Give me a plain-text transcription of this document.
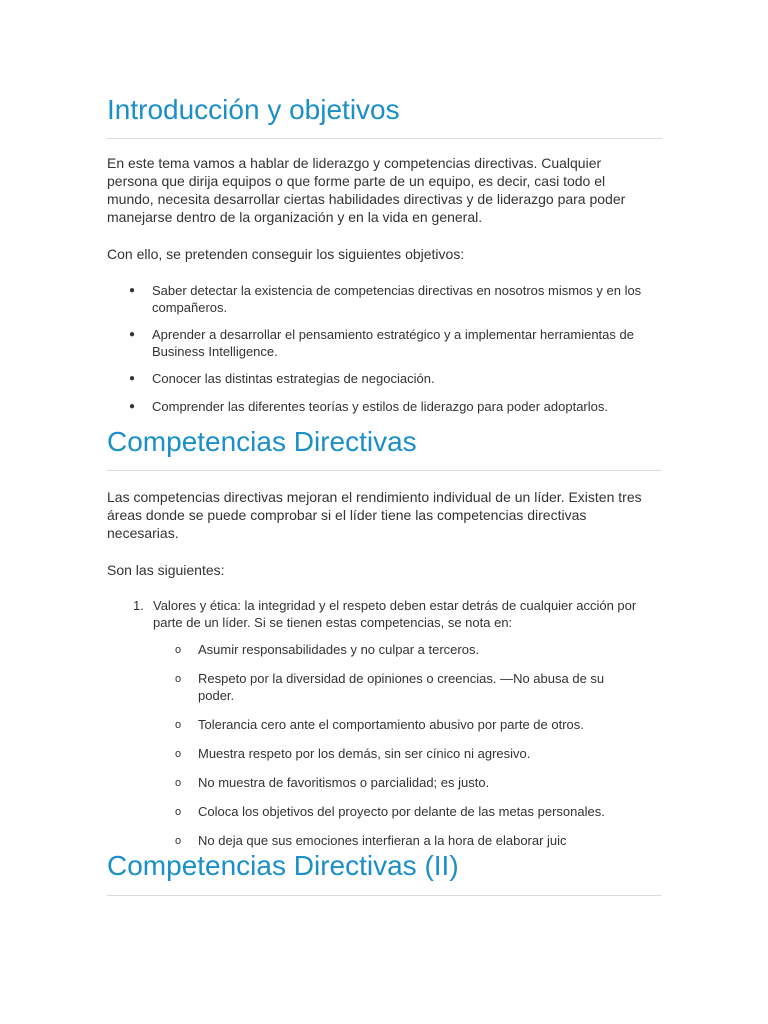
Introducción y objetivos

En este tema vamos a hablar de liderazgo y competencias directivas. Cualquier persona que dirija equipos o que forme parte de un equipo, es decir, casi todo el mundo, necesita desarrollar ciertas habilidades directivas y de liderazgo para poder manejarse dentro de la organización y en la vida en general.

Con ello, se pretenden conseguir los siguientes objetivos:

● Saber detectar la existencia de competencias directivas en nosotros mismos y en los compañeros.
● Aprender a desarrollar el pensamiento estratégico y a implementar herramientas de Business Intelligence.
● Conocer las distintas estrategias de negociación.
● Comprender las diferentes teorías y estilos de liderazgo para poder adoptarlos.
Competencias Directivas

Las competencias directivas mejoran el rendimiento individual de un líder. Existen tres áreas donde se puede comprobar si el líder tiene las competencias directivas necesarias.

Son las siguientes:

1. Valores y ética: la integridad y el respeto deben estar detrás de cualquier acción por parte de un líder. Si se tienen estas competencias, se nota en:
o Asumir responsabilidades y no culpar a terceros.
o Respeto por la diversidad de opiniones o creencias. —No abusa de su poder.
o Tolerancia cero ante el comportamiento abusivo por parte de otros.
o Muestra respeto por los demás, sin ser cínico ni agresivo.
o No muestra de favoritismos o parcialidad; es justo.
o Coloca los objetivos del proyecto por delante de las metas personales.
o No deja que sus emociones interfieran a la hora de elaborar juic
Competencias Directivas (II)
